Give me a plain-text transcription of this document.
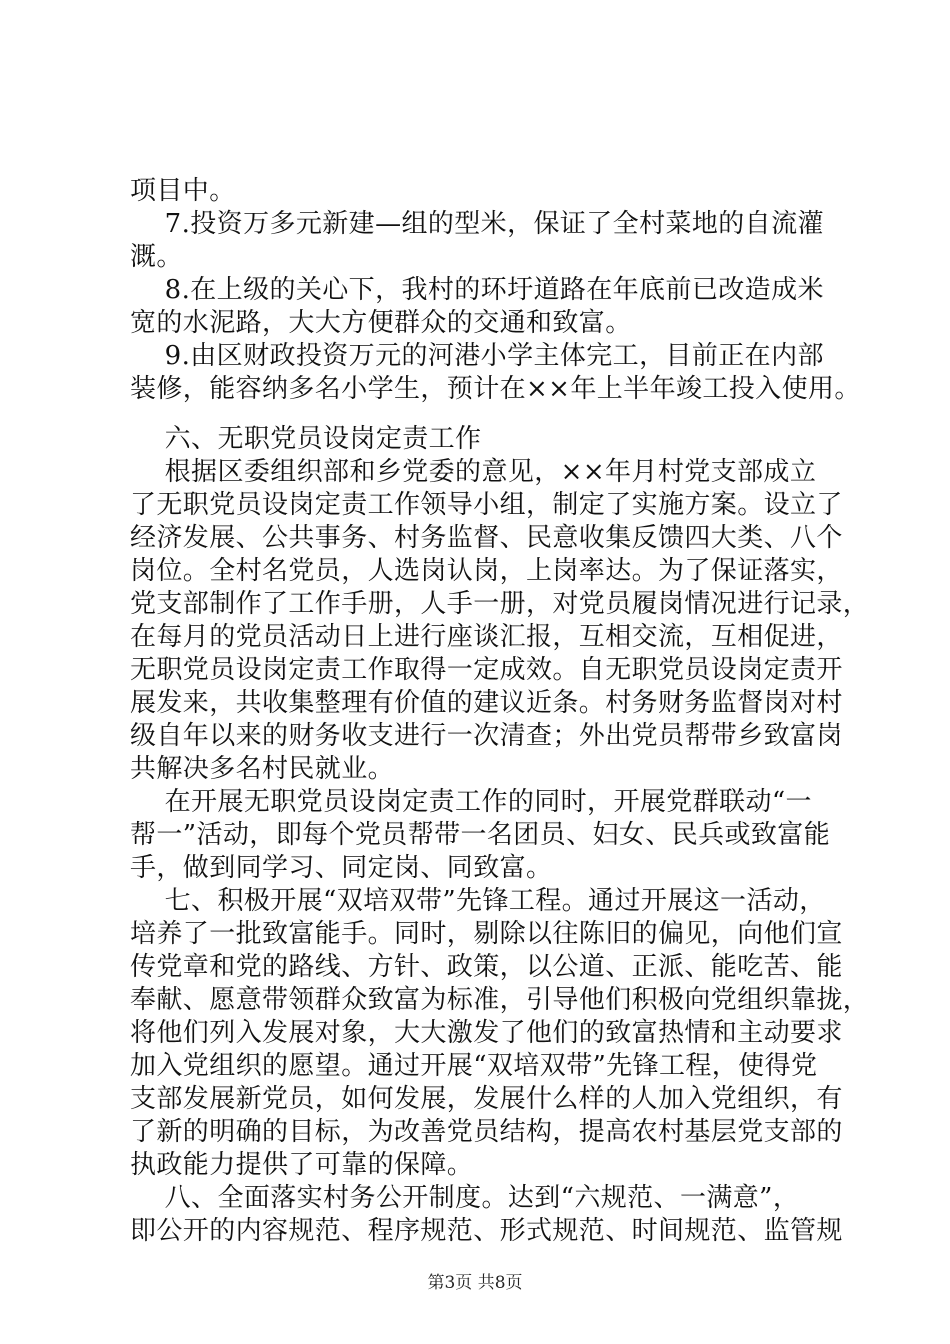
项目中。
7.投资万多元新建—组的型米，保证了全村菜地的自流灌
溉。
8.在上级的关心下，我村的环圩道路在年底前已改造成米
宽的水泥路，大大方便群众的交通和致富。
9.由区财政投资万元的河港小学主体完工，目前正在内部
装修，能容纳多名小学生，预计在××年上半年竣工投入使用。
六、无职党员设岗定责工作
根据区委组织部和乡党委的意见，××年月村党支部成立
了无职党员设岗定责工作领导小组，制定了实施方案。设立了
经济发展、公共事务、村务监督、民意收集反馈四大类、八个
岗位。全村名党员，人选岗认岗，上岗率达。为了保证落实，
党支部制作了工作手册，人手一册，对党员履岗情况进行记录，
在每月的党员活动日上进行座谈汇报，互相交流，互相促进，
无职党员设岗定责工作取得一定成效。自无职党员设岗定责开
展发来，共收集整理有价值的建议近条。村务财务监督岗对村
级自年以来的财务收支进行一次清查；外出党员帮带乡致富岗
共解决多名村民就业。
在开展无职党员设岗定责工作的同时，开展党群联动“一
帮一”活动，即每个党员帮带一名团员、妇女、民兵或致富能
手，做到同学习、同定岗、同致富。
七、积极开展“双培双带”先锋工程。通过开展这一活动，
培养了一批致富能手。同时，剔除以往陈旧的偏见，向他们宣
传党章和党的路线、方针、政策，以公道、正派、能吃苦、能
奉献、愿意带领群众致富为标准，引导他们积极向党组织靠拢，
将他们列入发展对象，大大激发了他们的致富热情和主动要求
加入党组织的愿望。通过开展“双培双带”先锋工程，使得党
支部发展新党员，如何发展，发展什么样的人加入党组织，有
了新的明确的目标，为改善党员结构，提高农村基层党支部的
执政能力提供了可靠的保障。
八、全面落实村务公开制度。达到“六规范、一满意”，
即公开的内容规范、程序规范、形式规范、时间规范、监管规
第3页 共8页
